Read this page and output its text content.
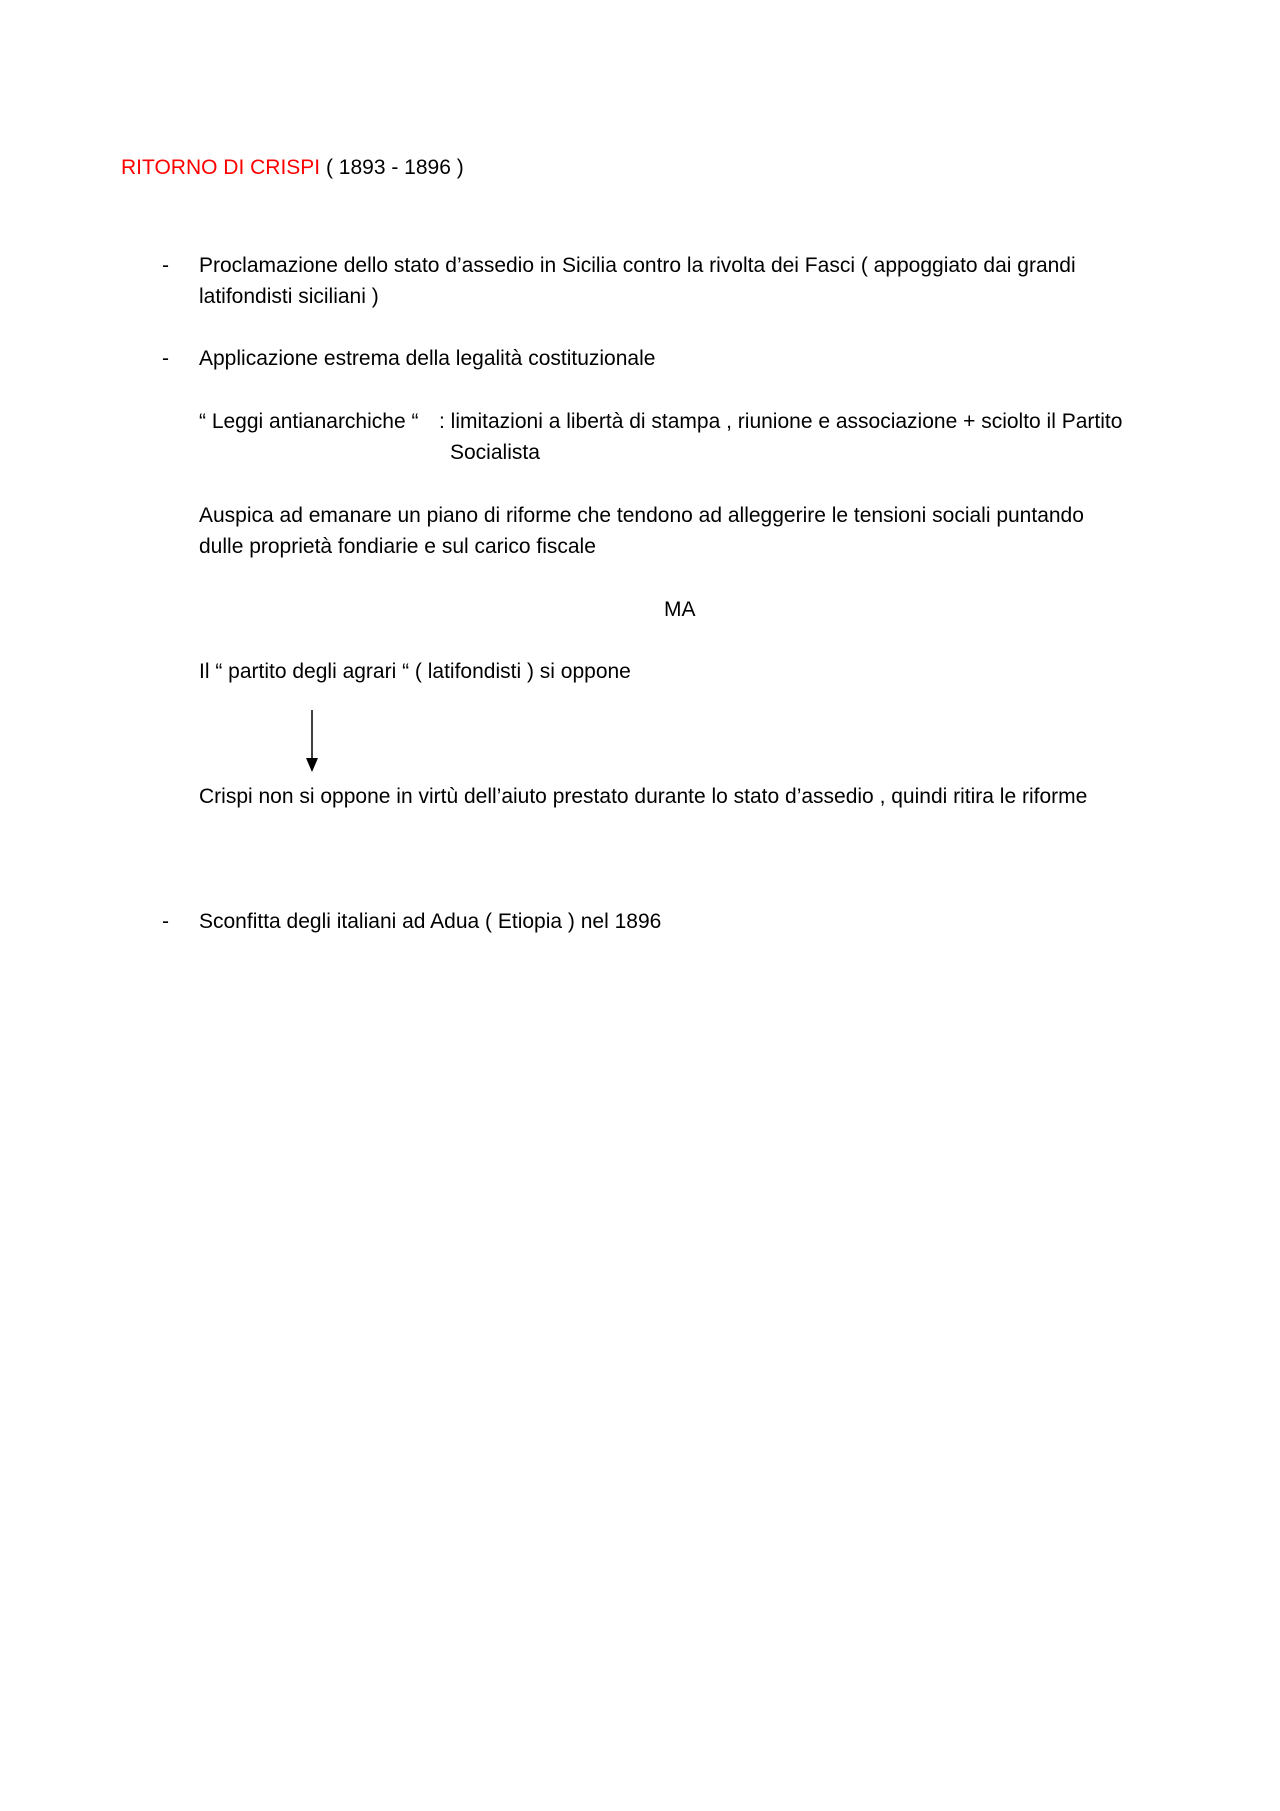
RITORNO DI CRISPI ( 1893 - 1896 )
- Proclamazione dello stato d’assedio in Sicilia contro la rivolta dei Fasci ( appoggiato dai grandi
latifondisti siciliani )
- Applicazione estrema della legalità costituzionale
“ Leggi antianarchiche “ : limitazioni a libertà di stampa , riunione e associazione + sciolto il Partito
Socialista
Auspica ad emanare un piano di riforme che tendono ad alleggerire le tensioni sociali puntando
dulle proprietà fondiarie e sul carico fiscale
MA
Il “ partito degli agrari “ ( latifondisti ) si oppone
Crispi non si oppone in virtù dell’aiuto prestato durante lo stato d’assedio , quindi ritira le riforme
- Sconfitta degli italiani ad Adua ( Etiopia ) nel 1896
